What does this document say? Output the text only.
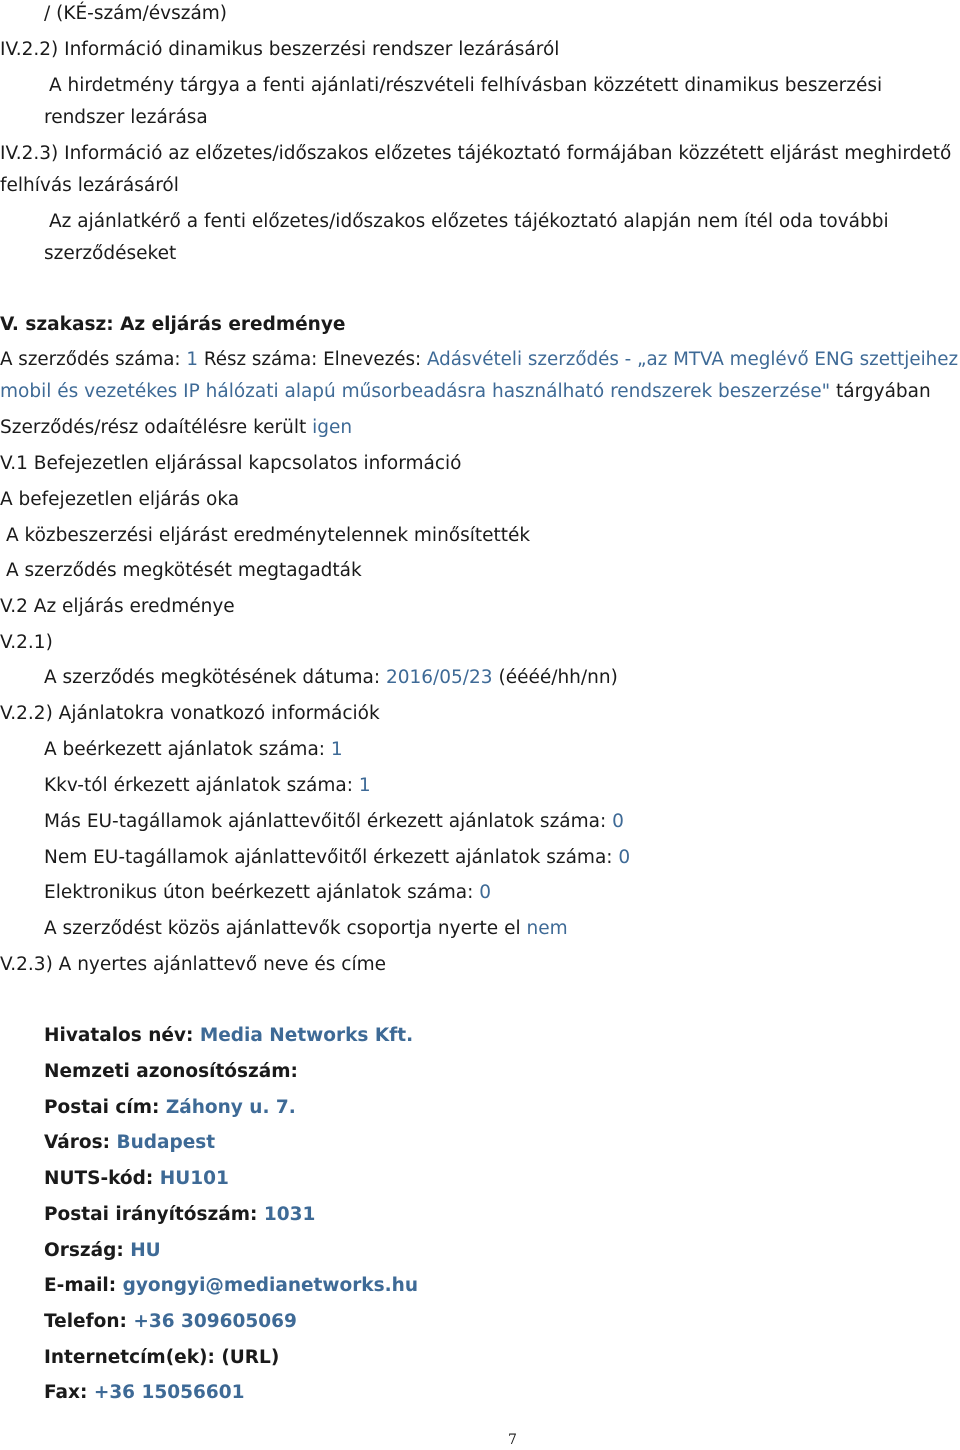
/ (KÉ-szám/évszám)
IV.2.2) Információ dinamikus beszerzési rendszer lezárásáról
A hirdetmény tárgya a fenti ajánlati/részvételi felhívásban közzétett dinamikus beszerzési
rendszer lezárása
IV.2.3) Információ az előzetes/időszakos előzetes tájékoztató formájában közzétett eljárást meghirdető
felhívás lezárásáról
Az ajánlatkérő a fenti előzetes/időszakos előzetes tájékoztató alapján nem ítél oda további
szerződéseket
V. szakasz: Az eljárás eredménye
A szerződés száma: 1 Rész száma: Elnevezés: Adásvételi szerződés - „az MTVA meglévő ENG szettjeihez
mobil és vezetékes IP hálózati alapú műsorbeadásra használható rendszerek beszerzése" tárgyában
Szerződés/rész odaítélésre került igen
V.1 Befejezetlen eljárással kapcsolatos információ
A befejezetlen eljárás oka
A közbeszerzési eljárást eredménytelennek minősítették
A szerződés megkötését megtagadták
V.2 Az eljárás eredménye
V.2.1)
A szerződés megkötésének dátuma: 2016/05/23 (éééé/hh/nn)
V.2.2) Ajánlatokra vonatkozó információk
A beérkezett ajánlatok száma: 1
Kkv-tól érkezett ajánlatok száma: 1
Más EU-tagállamok ajánlattevőitől érkezett ajánlatok száma: 0
Nem EU-tagállamok ajánlattevőitől érkezett ajánlatok száma: 0
Elektronikus úton beérkezett ajánlatok száma: 0
A szerződést közös ajánlattevők csoportja nyerte el nem
V.2.3) A nyertes ajánlattevő neve és címe
Hivatalos név: Media Networks Kft.
Nemzeti azonosítószám:
Postai cím: Záhony u. 7.
Város: Budapest
NUTS-kód: HU101
Postai irányítószám: 1031
Ország: HU
E-mail: gyongyi@medianetworks.hu
Telefon: +36 309605069
Internetcím(ek): (URL)
Fax: +36 15056601
7
